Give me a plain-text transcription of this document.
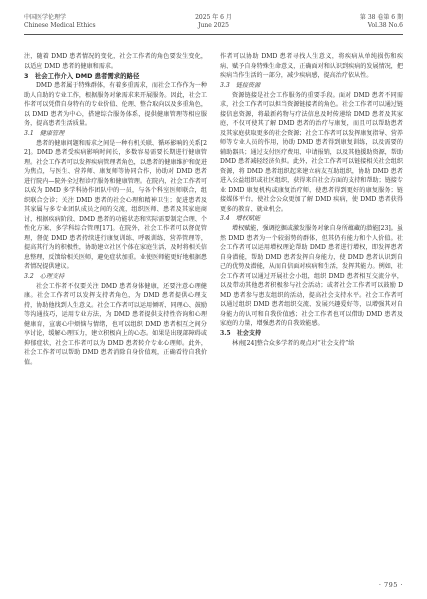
中国医学伦理学
Chinese Medical Ethics
2025 年 6 月
June 2025
第 38 卷第 6 期
Vol.38 No.6

注，随着 DMD 患者情况的变化，社会工作者的角色要发生变化，以适应 DMD 患者的健康和需求。

3　社会工作介入 DMD 患者需求的路径

DMD 患者属于特殊群体，有着多重需求，而社会工作作为一种助人自助的专业工作，根据服务对象需求来开展服务。因此，社会工作者可以凭借自身特有的专业价值、伦理、整合取向以及多重角色，以 DMD 患者为中心，搭建综合服务体系，提供健康管理等相应服务，提高患者生活质量。

3.1　健康管理

患者的健康问题和需求之间是一种有机关联、循环影响的关系[22]。DMD 患者受疾病影响时间长，多数容易需要长期进行健康管理。社会工作者可以发挥疾病管理者角色，以患者的健康维护和促进为焦点，与医生、营养师、康复师等协同合作，协助对 DMD 患者进行院内—院外全过程诊疗服务和健康管理。在院内，社会工作者可以成为 DMD 多学科协作团队中的一员，与各个科室医师联合，组织联合会诊；关注 DMD 患者的社会心理和精神卫生；促进患者及其家属与多专业团队成员之间的交流，组织医师、患者及其家庭商讨，根据疾病阶段、DMD 患者的功能状态和实际需要制定合理、个性化方案、多学科综合管理[17]。在院外，社会工作者可以督促管理，督促 DMD 患者持续进行康复训练、呼吸训练、营养管理等，提高其行为的积极性，协助建立社区个体在家庭生活，及时将相关信息整理，反馈给相关医师，避免症状加重。业使医师能更好地根据患者情况提供建议。

3.2　心理支持

社会工作者不仅要关注 DMD 患者身体健康，还要注意心理健康。社会工作者可以发挥支持者角色，为 DMD 患者提供心理支持，协助他找到人生意义。社会工作者可以运用倾听、同理心、鼓励等沟通技巧，运用专业方法，为 DMD 患者提供支持性咨询和心理健康育，宣裹心中烦恼与情绪，也可以组织 DMD 患者相互之间分享讨论，缓解心理压力，建立积极向上的心态。如果是出现部障碍或抑郁症状，社会工作者可以为 DMD 患者转介专业心理师。此外，社会工作者可以帮助 DMD 患者消除自身价值观，正确看待自我价值。

作者可以协助 DMD 患者寻找人生意义，将疾病从单纯损伤和疾病、赋予自身特殊生命意义，正确面对和认识到疾病的发展情况，把疾病当作生活的一部分，减少疾病感，提高治疗依从性。

3.3　链接资源

资源链接是社会工作服务的重要手段。面对 DMD 患者不同需求，社会工作者可以担当资源链接者的角色。社会工作者可以通过链接信息资源，将最新药物与疗法信息及时传递给 DMD 患者及其家庭，不仅可使其了解 DMD 患者的治疗与康复，而且可以帮助患者及其家庭获取更多的社会资源；社会工作者可以发挥康复指导、营养师等专业人员的作用，协助 DMD 患者得到康复训练，以及需要的辅助器具；通过支付医疗费用、申请报销，以及其他援助资源，帮助 DMD 患者减轻经济负担。此外，社会工作者可以链接相关社会组织资源，将 DMD 患者组织起来建立病友互助组织，协助 DMD 患者进入公益组织或社区组织，获得来自社会方面的支持和帮助；链接专业 DMD 康复机构或康复治疗师，使患者得到更好的康复服务；链接媒体平台，使社会公众更加了解 DMD 疾病，使 DMD 患者获得更多的教育、就业机会。

3.4　增权赋能

增权赋能，强调挖掘或激发服务对象自身所蕴藏的潜能[23]。虽然 DMD 患者为一个较弱势的群体，但其仍有能力和个人价值。社会工作者可以运用增权理论帮助 DMD 患者进行增权，即发挥患者自身潜能，帮助 DMD 患者发挥自身能力，使 DMD 患者认识到自己的优势及潜能，从而自信面对疾病和生活，发挥其能力。例如，社会工作者可以通过开展社会小组，组织 DMD 患者相互交流分享，以及带动其他患者积极参与社会活动；或者社会工作者可以鼓励 DMD 患者参与患友组织的活动，提高社会支持水平。社会工作者可以通过组织 DMD 患者组织交流、发展兴趣爱好等，以增强其对自身能力的认可和自我价值感；社会工作者也可以借助 DMD 患者及家庭的力量，增强患者的自我效能感。

3.5　社会支持

林南[24]整合众多学者的观点对“社会支持”给

· 795 ·
